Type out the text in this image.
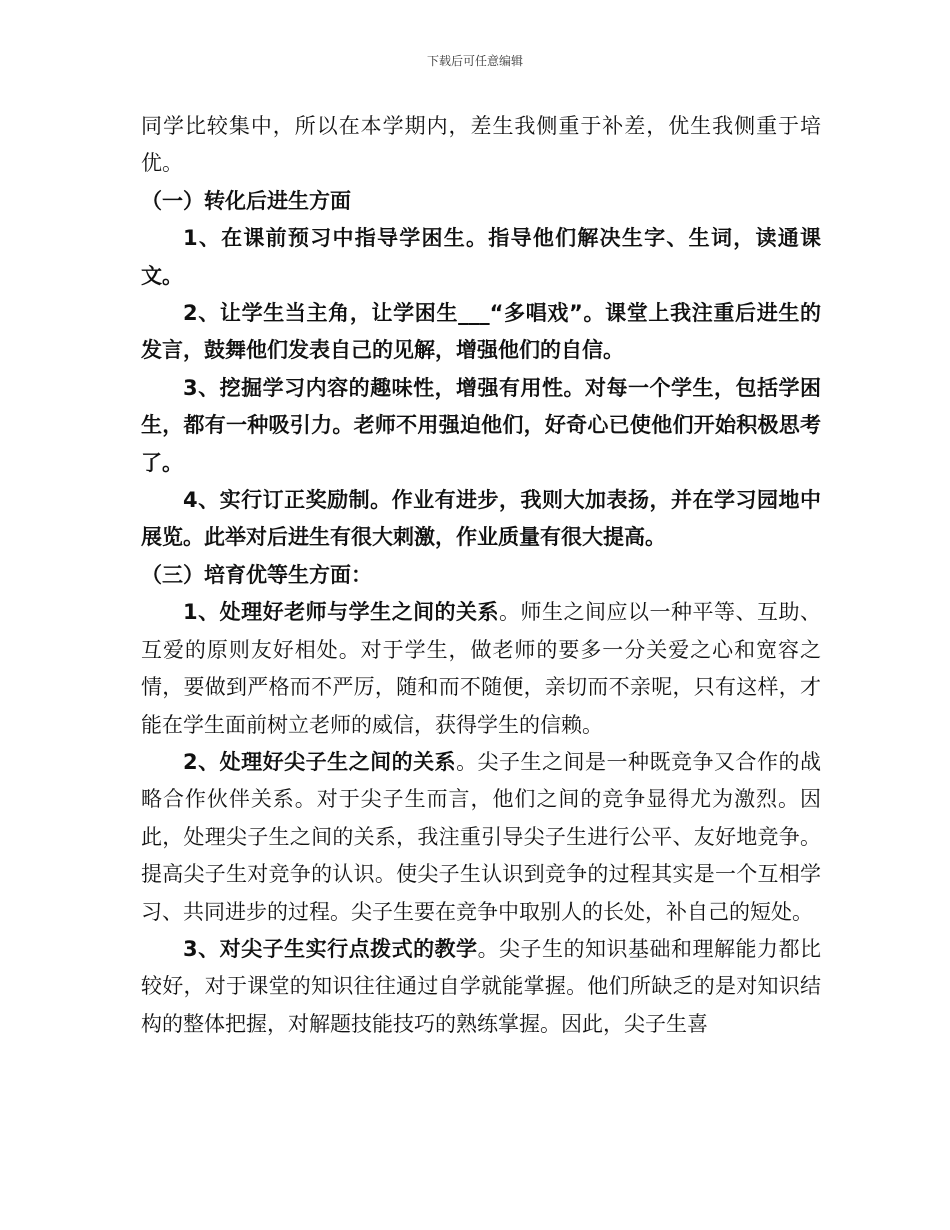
下载后可任意编辑

同学比较集中，所以在本学期内，差生我侧重于补差，优生我侧重于培优。

（一）转化后进生方面

1、在课前预习中指导学困生。指导他们解决生字、生词，读通课文。

2、让学生当主角，让学困生___“多唱戏”。课堂上我注重后进生的发言，鼓舞他们发表自己的见解，增强他们的自信。

3、挖掘学习内容的趣味性，增强有用性。对每一个学生，包括学困生，都有一种吸引力。老师不用强迫他们，好奇心已使他们开始积极思考了。

4、实行订正奖励制。作业有进步，我则大加表扬，并在学习园地中展览。此举对后进生有很大刺激，作业质量有很大提高。

（三）培育优等生方面：

1、处理好老师与学生之间的关系。师生之间应以一种平等、互助、互爱的原则友好相处。对于学生，做老师的要多一分关爱之心和宽容之情，要做到严格而不严厉，随和而不随便，亲切而不亲呢，只有这样，才能在学生面前树立老师的威信，获得学生的信赖。

2、处理好尖子生之间的关系。尖子生之间是一种既竞争又合作的战略合作伙伴关系。对于尖子生而言，他们之间的竞争显得尤为激烈。因此，处理尖子生之间的关系，我注重引导尖子生进行公平、友好地竞争。提高尖子生对竞争的认识。使尖子生认识到竞争的过程其实是一个互相学习、共同进步的过程。尖子生要在竞争中取别人的长处，补自己的短处。

3、对尖子生实行点拨式的教学。尖子生的知识基础和理解能力都比较好，对于课堂的知识往往通过自学就能掌握。他们所缺乏的是对知识结构的整体把握，对解题技能技巧的熟练掌握。因此，尖子生喜
